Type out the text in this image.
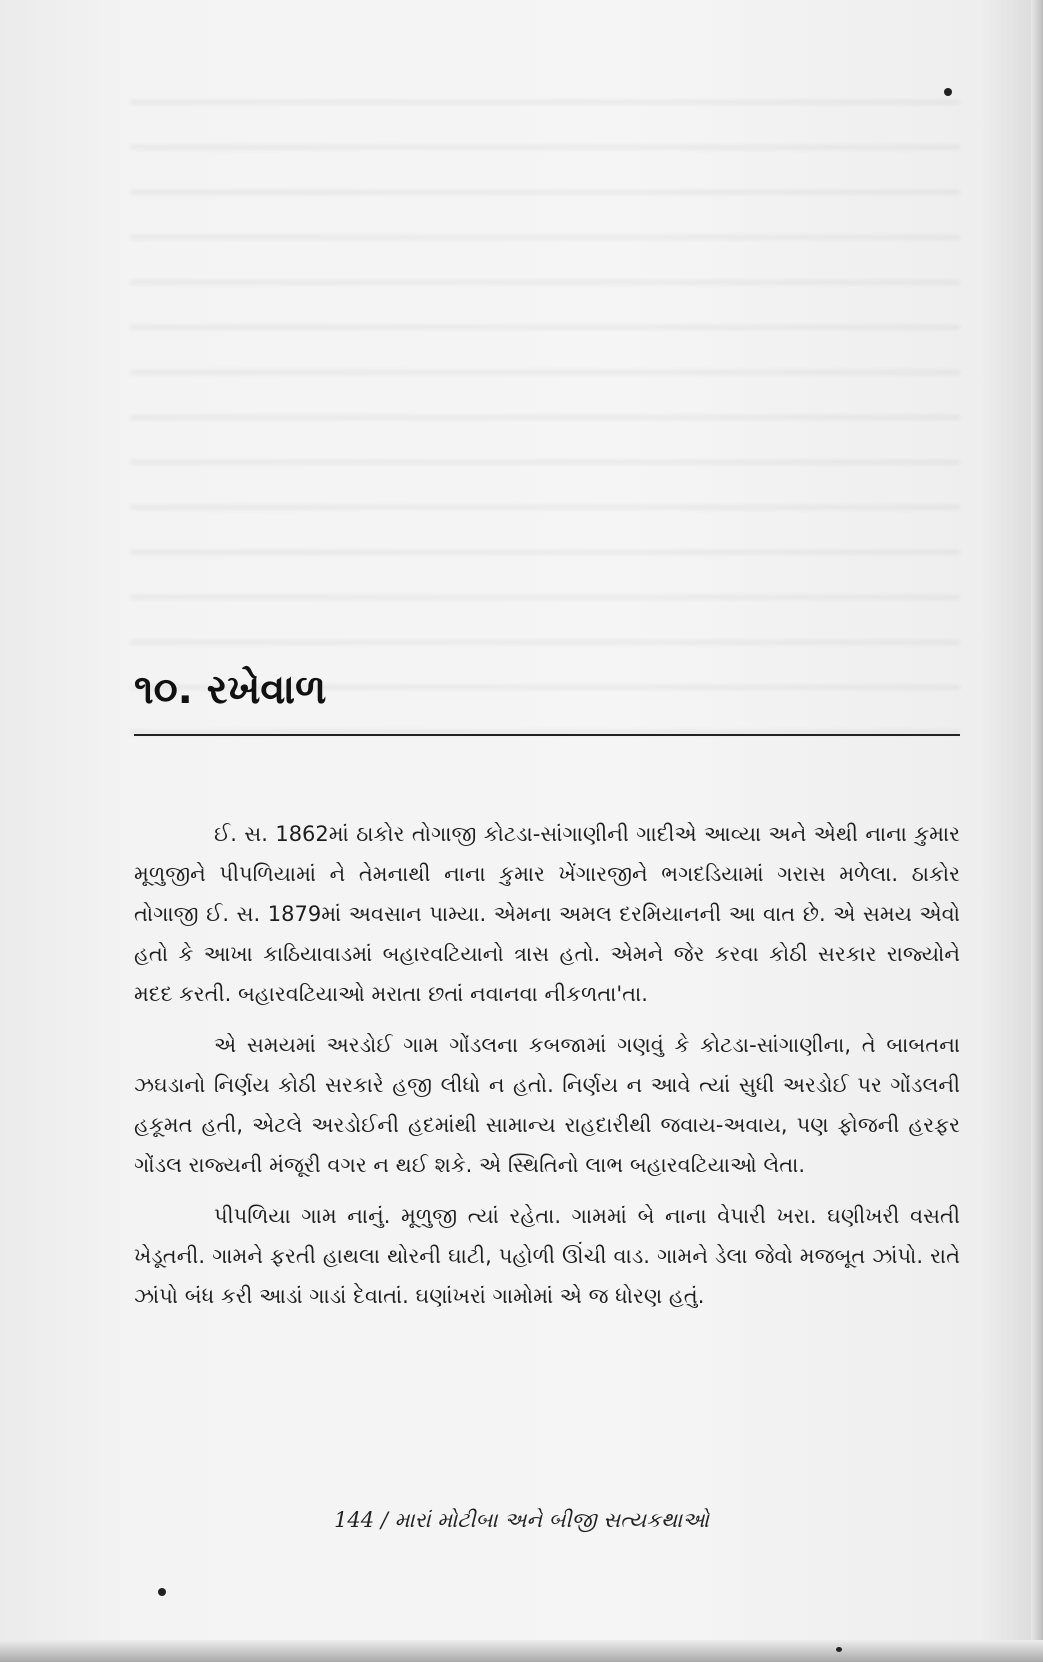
૧૦. રખેવાળ

ઈ. સ. 1862માં ઠાકોર તોગાજી કોટડા-સાંગાણીની ગાદીએ આવ્યા અને એથી નાના કુમાર મૂળુજીને પીપળિયામાં ને તેમનાથી નાના કુમાર ખેંગારજીને ભગદડિયામાં ગરાસ મળેલા. ઠાકોર તોગાજી ઈ. સ. 1879માં અવસાન પામ્યા. એમના અમલ દરમિયાનની આ વાત છે. એ સમય એવો હતો કે આખા કાઠિયાવાડમાં બહારવટિયાનો ત્રાસ હતો. એમને જેર કરવા કોઠી સરકાર રાજ્યોને મદદ કરતી. બહારવટિયાઓ મરાતા છતાં નવાનવા નીકળતા'તા.

એ સમયમાં અરડોઈ ગામ ગોંડલના કબજામાં ગણવું કે કોટડા-સાંગાણીના, તે બાબતના ઝઘડાનો નિર્ણય કોઠી સરકારે હજી લીધો ન હતો. નિર્ણય ન આવે ત્યાં સુધી અરડોઈ પર ગોંડલની હકૂમત હતી, એટલે અરડોઈની હદમાંથી સામાન્ય રાહદારીથી જવાય-અવાય, પણ ફોજની હરફર ગોંડલ રાજ્યની મંજૂરી વગર ન થઈ શકે. એ સ્થિતિનો લાભ બહારવટિયાઓ લેતા.

પીપળિયા ગામ નાનું. મૂળુજી ત્યાં રહેતા. ગામમાં બે નાના વેપારી ખરા. ઘણીખરી વસતી ખેડૂતની. ગામને ફરતી હાથલા થોરની ઘાટી, પહોળી ઊંચી વાડ. ગામને ડેલા જેવો મજબૂત ઝાંપો. રાતે ઝાંપો બંધ કરી આડાં ગાડાં દેવાતાં. ઘણાંખરાં ગામોમાં એ જ ધોરણ હતું.

144 / મારાં મોટીબા અને બીજી સત્યકથાઓ
